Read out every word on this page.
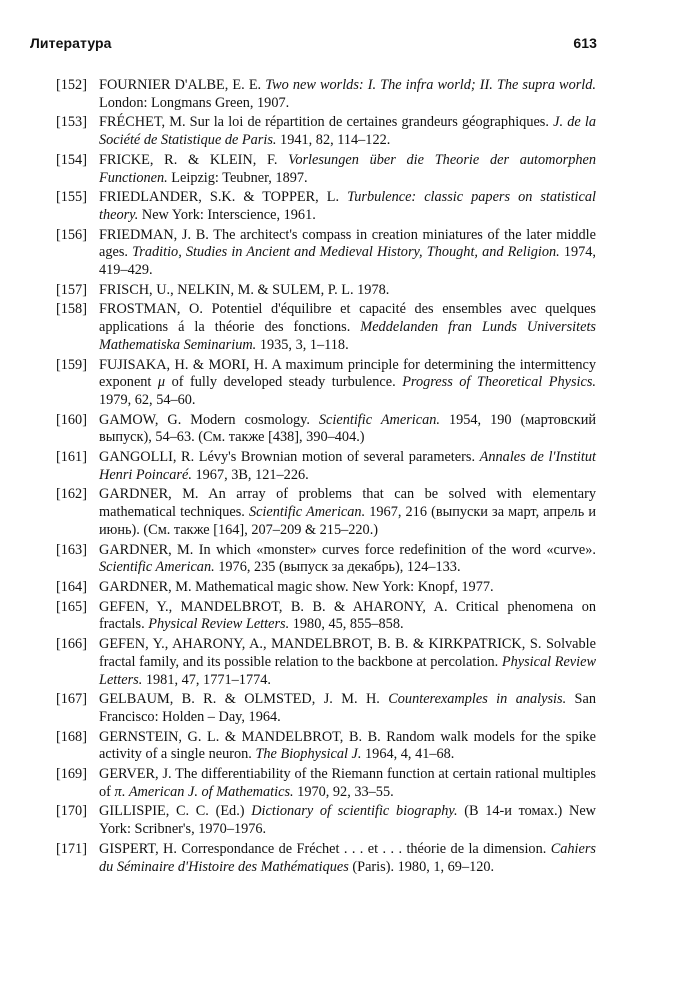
Литература	613
[152] FOURNIER D'ALBE, E. E. Two new worlds: I. The infra world; II. The supra world. London: Longmans Green, 1907.
[153] FRÉCHET, M. Sur la loi de répartition de certaines grandeurs géographiques. J. de la Société de Statistique de Paris. 1941, 82, 114–122.
[154] FRICKE, R. & KLEIN, F. Vorlesungen über die Theorie der automorphen Functionen. Leipzig: Teubner, 1897.
[155] FRIEDLANDER, S.K. & TOPPER, L. Turbulence: classic papers on statistical theory. New York: Interscience, 1961.
[156] FRIEDMAN, J. B. The architect's compass in creation miniatures of the later middle ages. Traditio, Studies in Ancient and Medieval History, Thought, and Religion. 1974, 419–429.
[157] FRISCH, U., NELKIN, M. & SULEM, P. L. 1978.
[158] FROSTMAN, O. Potentiel d'équilibre et capacité des ensembles avec quelques applications á la théorie des fonctions. Meddelanden fran Lunds Universitets Mathematiska Seminarium. 1935, 3, 1–118.
[159] FUJISAKA, H. & MORI, H. A maximum principle for determining the intermittency exponent μ of fully developed steady turbulence. Progress of Theoretical Physics. 1979, 62, 54–60.
[160] GAMOW, G. Modern cosmology. Scientific American. 1954, 190 (мартовский выпуск), 54–63. (См. также [438], 390–404.)
[161] GANGOLLI, R. Lévy's Brownian motion of several parameters. Annales de l'Institut Henri Poincaré. 1967, 3B, 121–226.
[162] GARDNER, M. An array of problems that can be solved with elementary mathematical techniques. Scientific American. 1967, 216 (выпуски за март, апрель и июнь). (См. также [164], 207–209 & 215–220.)
[163] GARDNER, M. In which «monster» curves force redefinition of the word «curve». Scientific American. 1976, 235 (выпуск за декабрь), 124–133.
[164] GARDNER, M. Mathematical magic show. New York: Knopf, 1977.
[165] GEFEN, Y., MANDELBROT, B. B. & AHARONY, A. Critical phenomena on fractals. Physical Review Letters. 1980, 45, 855–858.
[166] GEFEN, Y., AHARONY, A., MANDELBROT, B. B. & KIRKPATRICK, S. Solvable fractal family, and its possible relation to the backbone at percolation. Physical Review Letters. 1981, 47, 1771–1774.
[167] GELBAUM, B. R. & OLMSTED, J. M. H. Counterexamples in analysis. San Francisco: Holden – Day, 1964.
[168] GERNSTEIN, G. L. & MANDELBROT, B. B. Random walk models for the spike activity of a single neuron. The Biophysical J. 1964, 4, 41–68.
[169] GERVER, J. The differentiability of the Riemann function at certain rational multiples of π. American J. of Mathematics. 1970, 92, 33–55.
[170] GILLISPIE, C. C. (Ed.) Dictionary of scientific biography. (В 14-и томах.) New York: Scribner's, 1970–1976.
[171] GISPERT, H. Correspondance de Fréchet . . . et . . . théorie de la dimension. Cahiers du Séminaire d'Histoire des Mathématiques (Paris). 1980, 1, 69–120.
